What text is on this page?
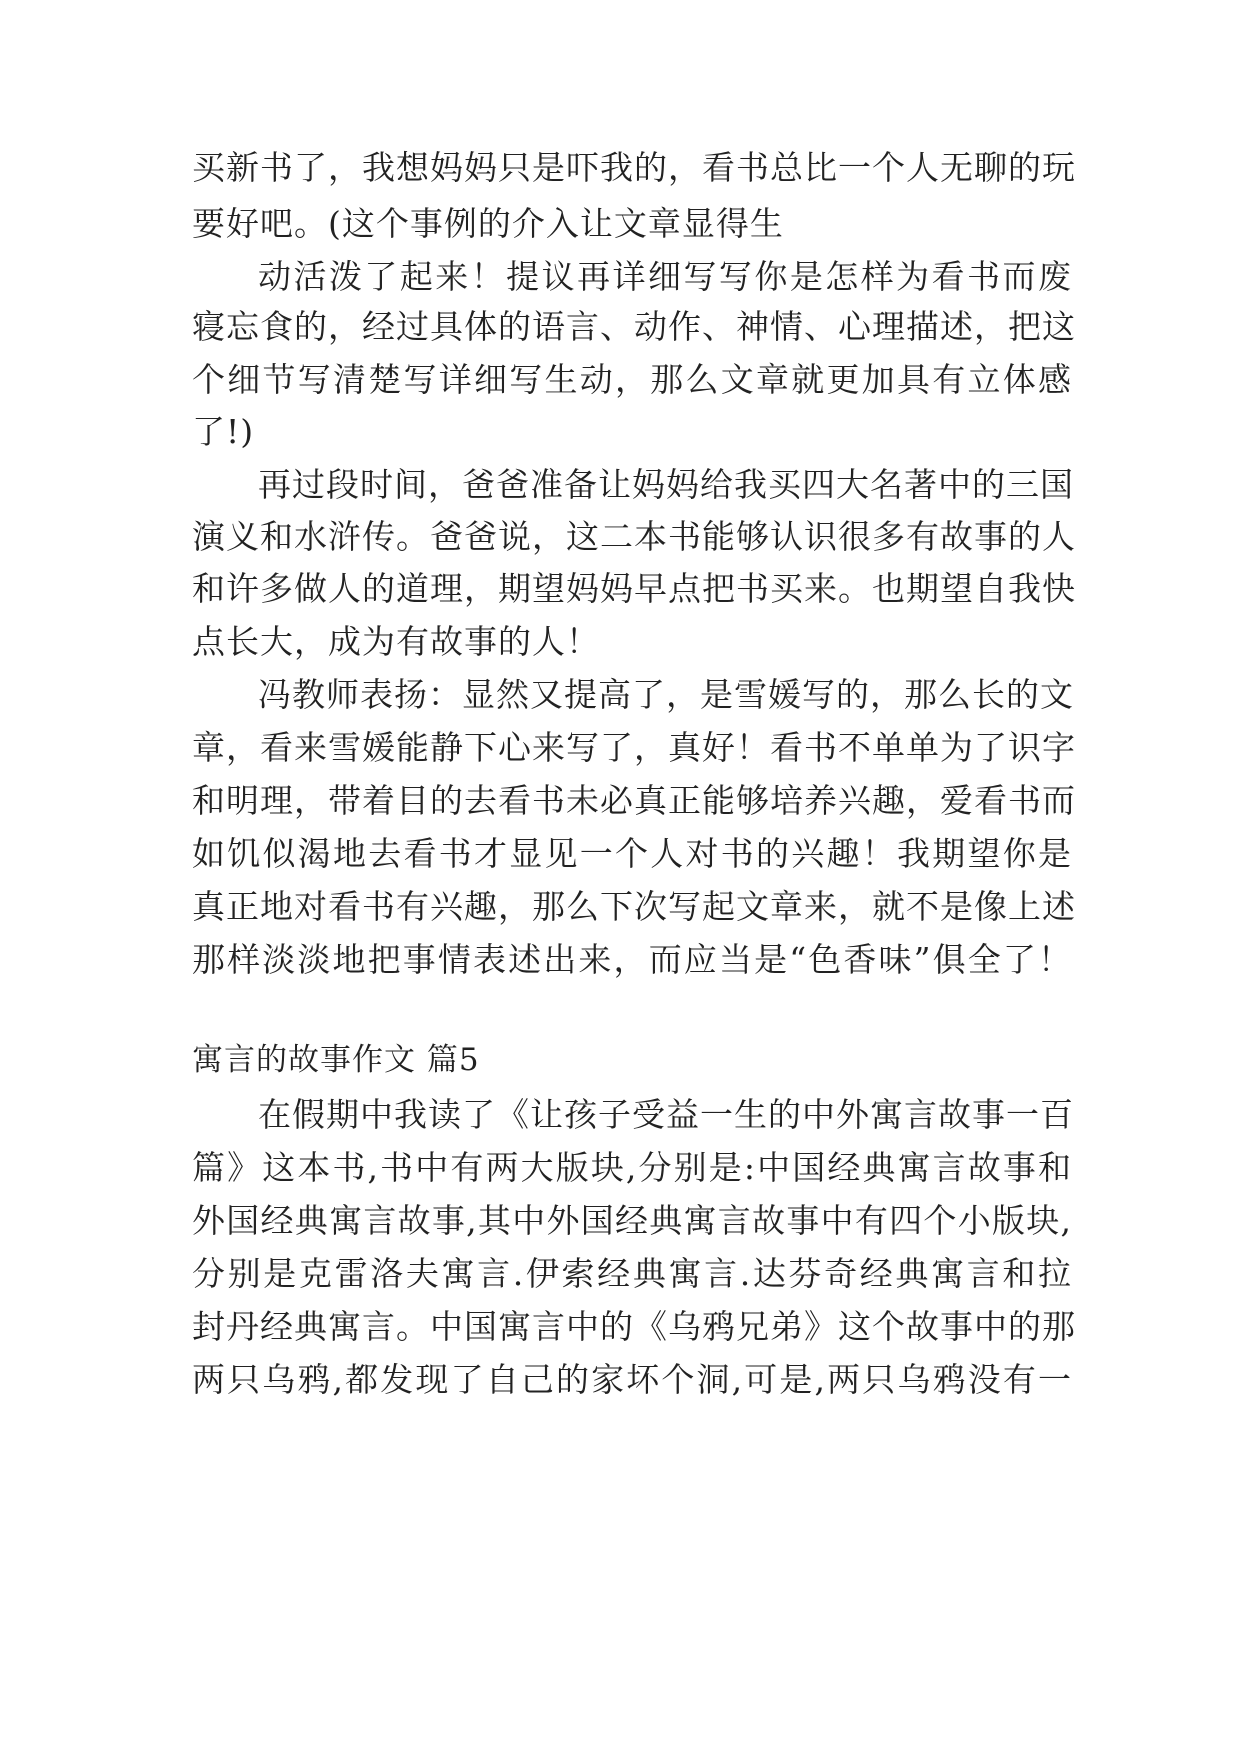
买新书了，我想妈妈只是吓我的，看书总比一个人无聊的玩
要好吧。(这个事例的介入让文章显得生
动活泼了起来！提议再详细写写你是怎样为看书而废
寝忘食的，经过具体的语言、动作、神情、心理描述，把这
个细节写清楚写详细写生动，那么文章就更加具有立体感
了!)
再过段时间，爸爸准备让妈妈给我买四大名著中的三国
演义和水浒传。爸爸说，这二本书能够认识很多有故事的人
和许多做人的道理，期望妈妈早点把书买来。也期望自我快
点长大，成为有故事的人！
冯教师表扬：显然又提高了，是雪媛写的，那么长的文
章，看来雪媛能静下心来写了，真好！看书不单单为了识字
和明理，带着目的去看书未必真正能够培养兴趣，爱看书而
如饥似渴地去看书才显见一个人对书的兴趣！我期望你是
真正地对看书有兴趣，那么下次写起文章来，就不是像上述
那样淡淡地把事情表述出来，而应当是“色香味”俱全了！
寓言的故事作文 篇5
在假期中我读了《让孩子受益一生的中外寓言故事一百
篇》这本书,书中有两大版块,分别是:中国经典寓言故事和
外国经典寓言故事,其中外国经典寓言故事中有四个小版块,
分别是克雷洛夫寓言.伊索经典寓言.达芬奇经典寓言和拉
封丹经典寓言。中国寓言中的《乌鸦兄弟》这个故事中的那
两只乌鸦,都发现了自己的家坏个洞,可是,两只乌鸦没有一
